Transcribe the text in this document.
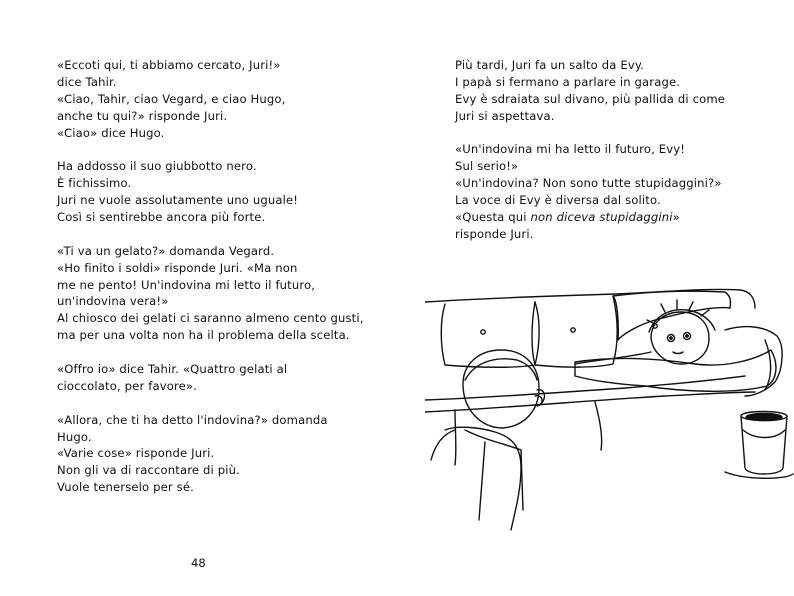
«Eccoti qui, ti abbiamo cercato, Juri!»
dice Tahir.
«Ciao, Tahir, ciao Vegard, e ciao Hugo,
anche tu qui?» risponde Juri.
«Ciao» dice Hugo.

Ha addosso il suo giubbotto nero.
È fichissimo.
Juri ne vuole assolutamente uno uguale!
Così si sentirebbe ancora più forte.

«Ti va un gelato?» domanda Vegard.
«Ho finito i soldi» risponde Juri. «Ma non
me ne pento! Un'indovina mi letto il futuro,
un'indovina vera!»
Al chiosco dei gelati ci saranno almeno cento gusti,
ma per una volta non ha il problema della scelta.

«Offro io» dice Tahir. «Quattro gelati al
cioccolato, per favore».

«Allora, che ti ha detto l'indovina?» domanda
Hugo.
«Varie cose» risponde Juri.
Non gli va di raccontare di più.
Vuole tenerselo per sé.

48

Più tardi, Juri fa un salto da Evy.
I papà si fermano a parlare in garage.
Evy è sdraiata sul divano, più pallida di come
Juri si aspettava.

«Un'indovina mi ha letto il futuro, Evy!
Sul serio!»
«Un'indovina? Non sono tutte stupidaggini?»
La voce di Evy è diversa dal solito.
«Questa qui non diceva stupidaggini»
risponde Juri.
